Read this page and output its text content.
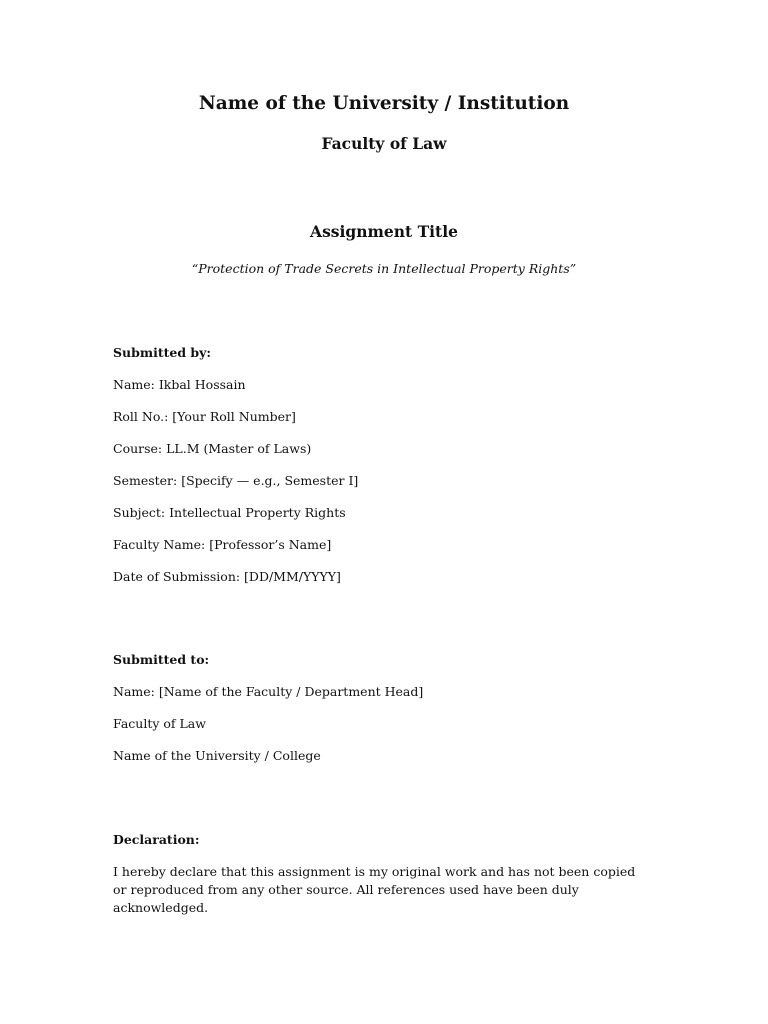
Name of the University / Institution
Faculty of Law
Assignment Title
“Protection of Trade Secrets in Intellectual Property Rights”
Submitted by:
Name: Ikbal Hossain
Roll No.: [Your Roll Number]
Course: LL.M (Master of Laws)
Semester: [Specify — e.g., Semester I]
Subject: Intellectual Property Rights
Faculty Name: [Professor’s Name]
Date of Submission: [DD/MM/YYYY]
Submitted to:
Name: [Name of the Faculty / Department Head]
Faculty of Law
Name of the University / College
Declaration:
I hereby declare that this assignment is my original work and has not been copied or reproduced from any other source. All references used have been duly acknowledged.
